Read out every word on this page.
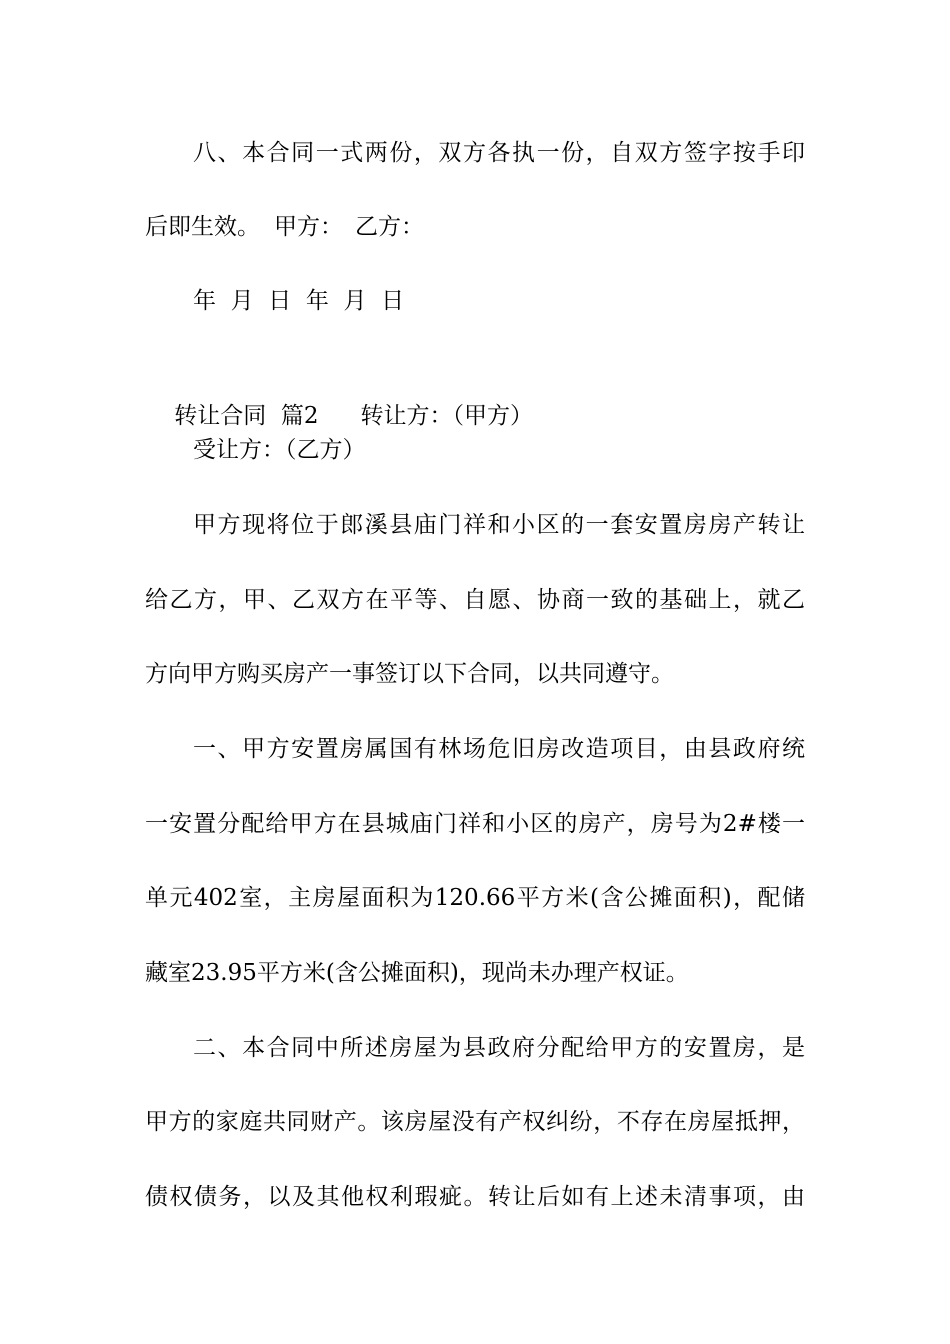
八、本合同一式两份，双方各执一份，自双方签字按手印
后即生效。 甲方： 乙方：
年  月  日  年  月  日

转让合同  篇2 转让方：（甲方）

受让方：（乙方）
甲方现将位于郎溪县庙门祥和小区的一套安置房房产转让
给乙方，甲、乙双方在平等、自愿、协商一致的基础上，就乙
方向甲方购买房产一事签订以下合同，以共同遵守。
一、甲方安置房属国有林场危旧房改造项目，由县政府统
一安置分配给甲方在县城庙门祥和小区的房产，房号为2#楼一
单元402室，主房屋面积为120.66平方米(含公摊面积)，配储
藏室23.95平方米(含公摊面积)，现尚未办理产权证。
二、本合同中所述房屋为县政府分配给甲方的安置房，是
甲方的家庭共同财产。该房屋没有产权纠纷，不存在房屋抵押，
债权债务，以及其他权利瑕疵。转让后如有上述未清事项，由
